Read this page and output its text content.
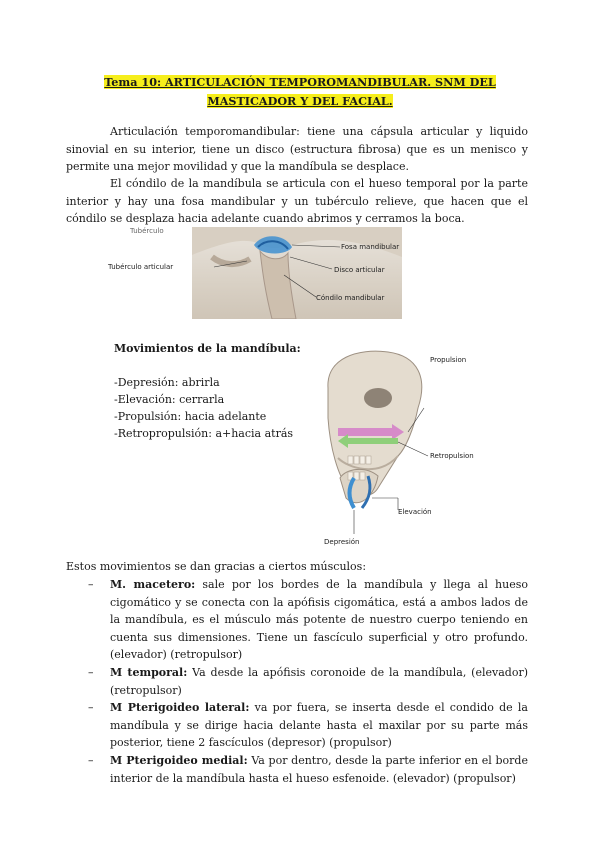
Tema 10: ARTICULACIÓN TEMPOROMANDIBULAR. SNM DEL
MASTICADOR Y DEL FACIAL.
Articulación temporomandibular: tiene una cápsula articular y liquido sinovial en su interior, tiene un disco (estructura fibrosa) que es un menisco y permite una mejor movilidad y que la mandíbula se desplace.
El cóndilo de la mandíbula se articula con el hueso temporal por la parte interior y hay una fosa mandibular y un tubérculo relieve, que hacen que el cóndilo se desplaza hacia adelante cuando abrimos y cerramos la boca.
Tubérculo articular
Fosa mandibular
Disco articular
Cóndilo mandibular
Tubérculo
Movimientos de la mandíbula:
-Depresión: abrirla
-Elevación: cerrarla
-Propulsión: hacia adelante
-Retropropulsión: a+hacia atrás
Propulsion
Retropulsion
Elevación
Depresión
Estos movimientos se dan gracias a ciertos músculos:
– M. macetero: sale por los bordes de la mandíbula y llega al hueso cigomático y se conecta con la apófisis cigomática, está a ambos lados de la mandíbula, es el músculo más potente de nuestro cuerpo teniendo en cuenta sus dimensiones. Tiene un fascículo superficial y otro profundo. (elevador) (retropulsor)
– M temporal: Va desde la apófisis coronoide de la mandíbula, (elevador) (retropulsor)
– M Pterigoideo lateral: va por fuera, se inserta desde el condido de la mandíbula y se dirige hacia delante hasta el maxilar por su parte más posterior, tiene 2 fascículos (depresor) (propulsor)
– M Pterigoideo medial: Va por dentro, desde la parte inferior en el borde interior de la mandíbula hasta el hueso esfenoide. (elevador) (propulsor)
